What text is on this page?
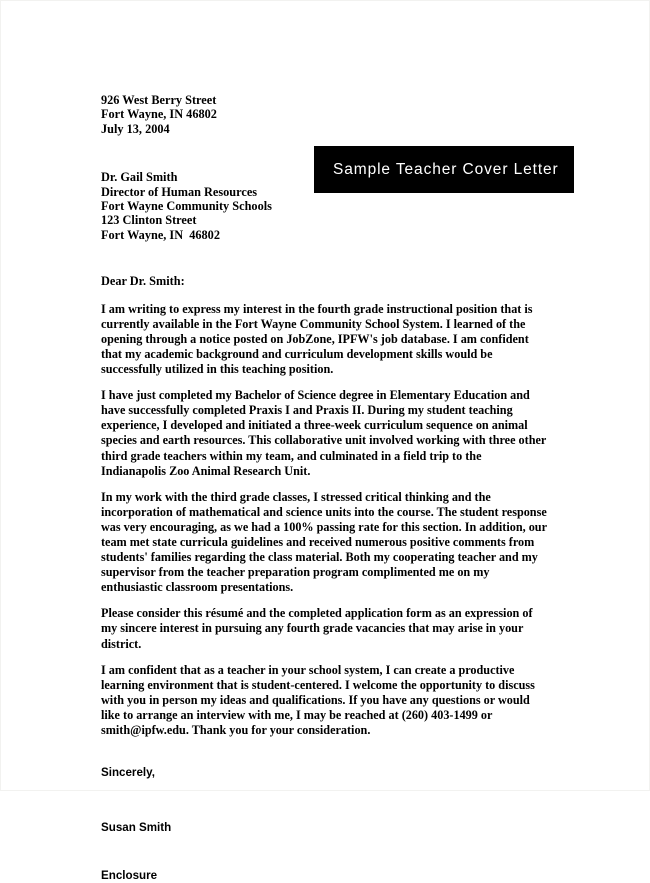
Sample Teacher Cover Letter
926 West Berry Street
Fort Wayne, IN 46802
July 13, 2004
Dr. Gail Smith
Director of Human Resources
Fort Wayne Community Schools
123 Clinton Street
Fort Wayne, IN  46802
Dear Dr. Smith:

I am writing to express my interest in the fourth grade instructional position that is currently available in the Fort Wayne Community School System. I learned of the opening through a notice posted on JobZone, IPFW's job database. I am confident that my academic background and curriculum development skills would be successfully utilized in this teaching position.

I have just completed my Bachelor of Science degree in Elementary Education and have successfully completed Praxis I and Praxis II. During my student teaching experience, I developed and initiated a three-week curriculum sequence on animal species and earth resources. This collaborative unit involved working with three other third grade teachers within my team, and culminated in a field trip to the Indianapolis Zoo Animal Research Unit.

In my work with the third grade classes, I stressed critical thinking and the incorporation of mathematical and science units into the course. The student response was very encouraging, as we had a 100% passing rate for this section. In addition, our team met state curricula guidelines and received numerous positive comments from students' families regarding the class material. Both my cooperating teacher and my supervisor from the teacher preparation program complimented me on my enthusiastic classroom presentations.

Please consider this résumé and the completed application form as an expression of my sincere interest in pursuing any fourth grade vacancies that may arise in your district.

I am confident that as a teacher in your school system, I can create a productive learning environment that is student-centered. I welcome the opportunity to discuss with you in person my ideas and qualifications. If you have any questions or would like to arrange an interview with me, I may be reached at (260) 403-1499 or smith@ipfw.edu. Thank you for your consideration.

Sincerely,
Susan Smith
Enclosure
